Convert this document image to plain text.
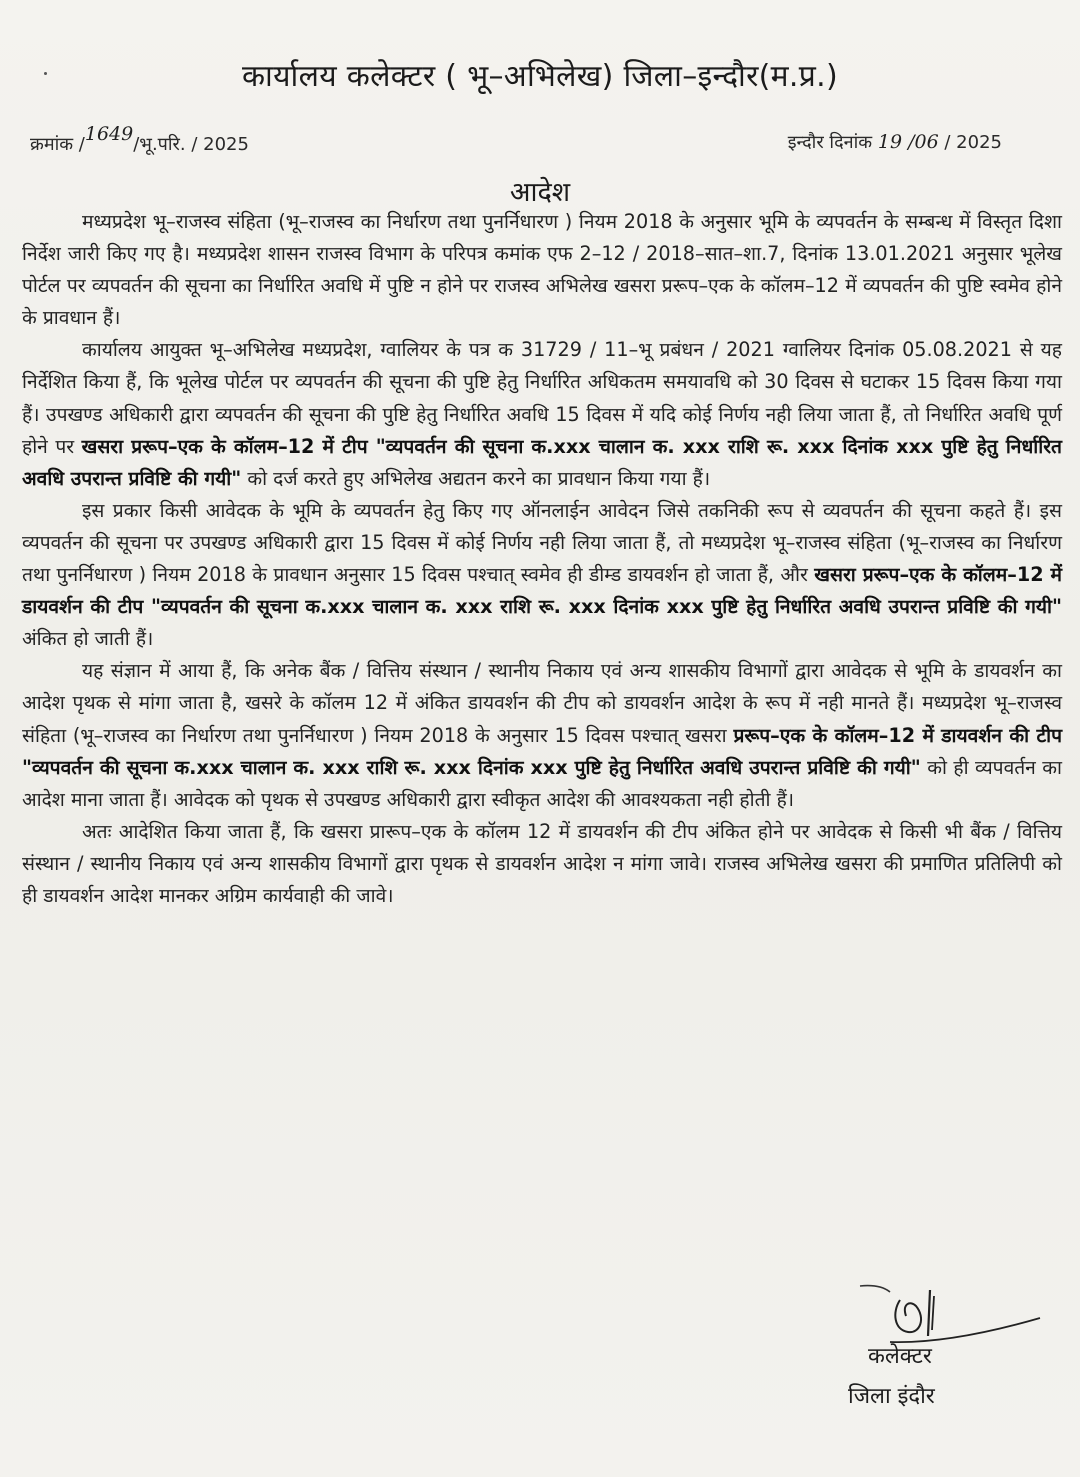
कार्यालय कलेक्टर ( भू–अभिलेख) जिला–इन्दौर(म.प्र.)
क्रमांक /1649/भू.परि. / 2025	इन्दौर दिनांक 19 /06 / 2025
आदेश

मध्यप्रदेश भू–राजस्व संहिता (भू–राजस्व का निर्धारण तथा पुनर्निधारण ) नियम 2018 के अनुसार भूमि के व्यपवर्तन के सम्बन्ध में विस्तृत दिशा निर्देश जारी किए गए है। मध्यप्रदेश शासन राजस्व विभाग के परिपत्र कमांक एफ 2–12 / 2018–सात–शा.7, दिनांक 13.01.2021 अनुसार भूलेख पोर्टल पर व्यपवर्तन की सूचना का निर्धारित अवधि में पुष्टि न होने पर राजस्व अभिलेख खसरा प्ररूप–एक के कॉलम–12 में व्यपवर्तन की पुष्टि स्वमेव होने के प्रावधान हैं।

कार्यालय आयुक्त भू–अभिलेख मध्यप्रदेश, ग्वालियर के पत्र क 31729 / 11–भू प्रबंधन / 2021 ग्वालियर दिनांक 05.08.2021 से यह निर्देशित किया हैं, कि भूलेख पोर्टल पर व्यपवर्तन की सूचना की पुष्टि हेतु निर्धारित अधिकतम समयावधि को 30 दिवस से घटाकर 15 दिवस किया गया हैं। उपखण्ड अधिकारी द्वारा व्यपवर्तन की सूचना की पुष्टि हेतु निर्धारित अवधि 15 दिवस में यदि कोई निर्णय नही लिया जाता हैं, तो निर्धारित अवधि पूर्ण होने पर खसरा प्ररूप–एक के कॉलम–12 में टीप "व्यपवर्तन की सूचना क.xxx चालान क. xxx राशि रू. xxx दिनांक xxx पुष्टि हेतु निर्धारित अवधि उपरान्त प्रविष्टि की गयी" को दर्ज करते हुए अभिलेख अद्यतन करने का प्रावधान किया गया हैं।

इस प्रकार किसी आवेदक के भूमि के व्यपवर्तन हेतु किए गए ऑनलाईन आवेदन जिसे तकनिकी रूप से व्यवपर्तन की सूचना कहते हैं। इस व्यपवर्तन की सूचना पर उपखण्ड अधिकारी द्वारा 15 दिवस में कोई निर्णय नही लिया जाता हैं, तो मध्यप्रदेश भू–राजस्व संहिता (भू–राजस्व का निर्धारण तथा पुनर्निधारण ) नियम 2018 के प्रावधान अनुसार 15 दिवस पश्चात् स्वमेव ही डीम्ड डायवर्शन हो जाता हैं, और खसरा प्ररूप–एक के कॉलम–12 में डायवर्शन की टीप "व्यपवर्तन की सूचना क.xxx चालान क. xxx राशि रू. xxx दिनांक xxx पुष्टि हेतु निर्धारित अवधि उपरान्त प्रविष्टि की गयी" अंकित हो जाती हैं।

यह संज्ञान में आया हैं, कि अनेक बैंक / वित्तिय संस्थान / स्थानीय निकाय एवं अन्य शासकीय विभागों द्वारा आवेदक से भूमि के डायवर्शन का आदेश पृथक से मांगा जाता है, खसरे के कॉलम 12 में अंकित डायवर्शन की टीप को डायवर्शन आदेश के रूप में नही मानते हैं। मध्यप्रदेश भू–राजस्व संहिता (भू–राजस्व का निर्धारण तथा पुनर्निधारण ) नियम 2018 के अनुसार 15 दिवस पश्चात् खसरा प्ररूप–एक के कॉलम–12 में डायवर्शन की टीप "व्यपवर्तन की सूचना क.xxx चालान क. xxx राशि रू. xxx दिनांक xxx पुष्टि हेतु निर्धारित अवधि उपरान्त प्रविष्टि की गयी" को ही व्यपवर्तन का आदेश माना जाता हैं। आवेदक को पृथक से उपखण्ड अधिकारी द्वारा स्वीकृत आदेश की आवश्यकता नही होती हैं।

अतः आदेशित किया जाता हैं, कि खसरा प्रारूप–एक के कॉलम 12 में डायवर्शन की टीप अंकित होने पर आवेदक से किसी भी बैंक / वित्तिय संस्थान / स्थानीय निकाय एवं अन्य शासकीय विभागों द्वारा पृथक से डायवर्शन आदेश न मांगा जावे। राजस्व अभिलेख खसरा की प्रमाणित प्रतिलिपी को ही डायवर्शन आदेश मानकर अग्रिम कार्यवाही की जावे।

कलेक्टर
जिला इंदौर
